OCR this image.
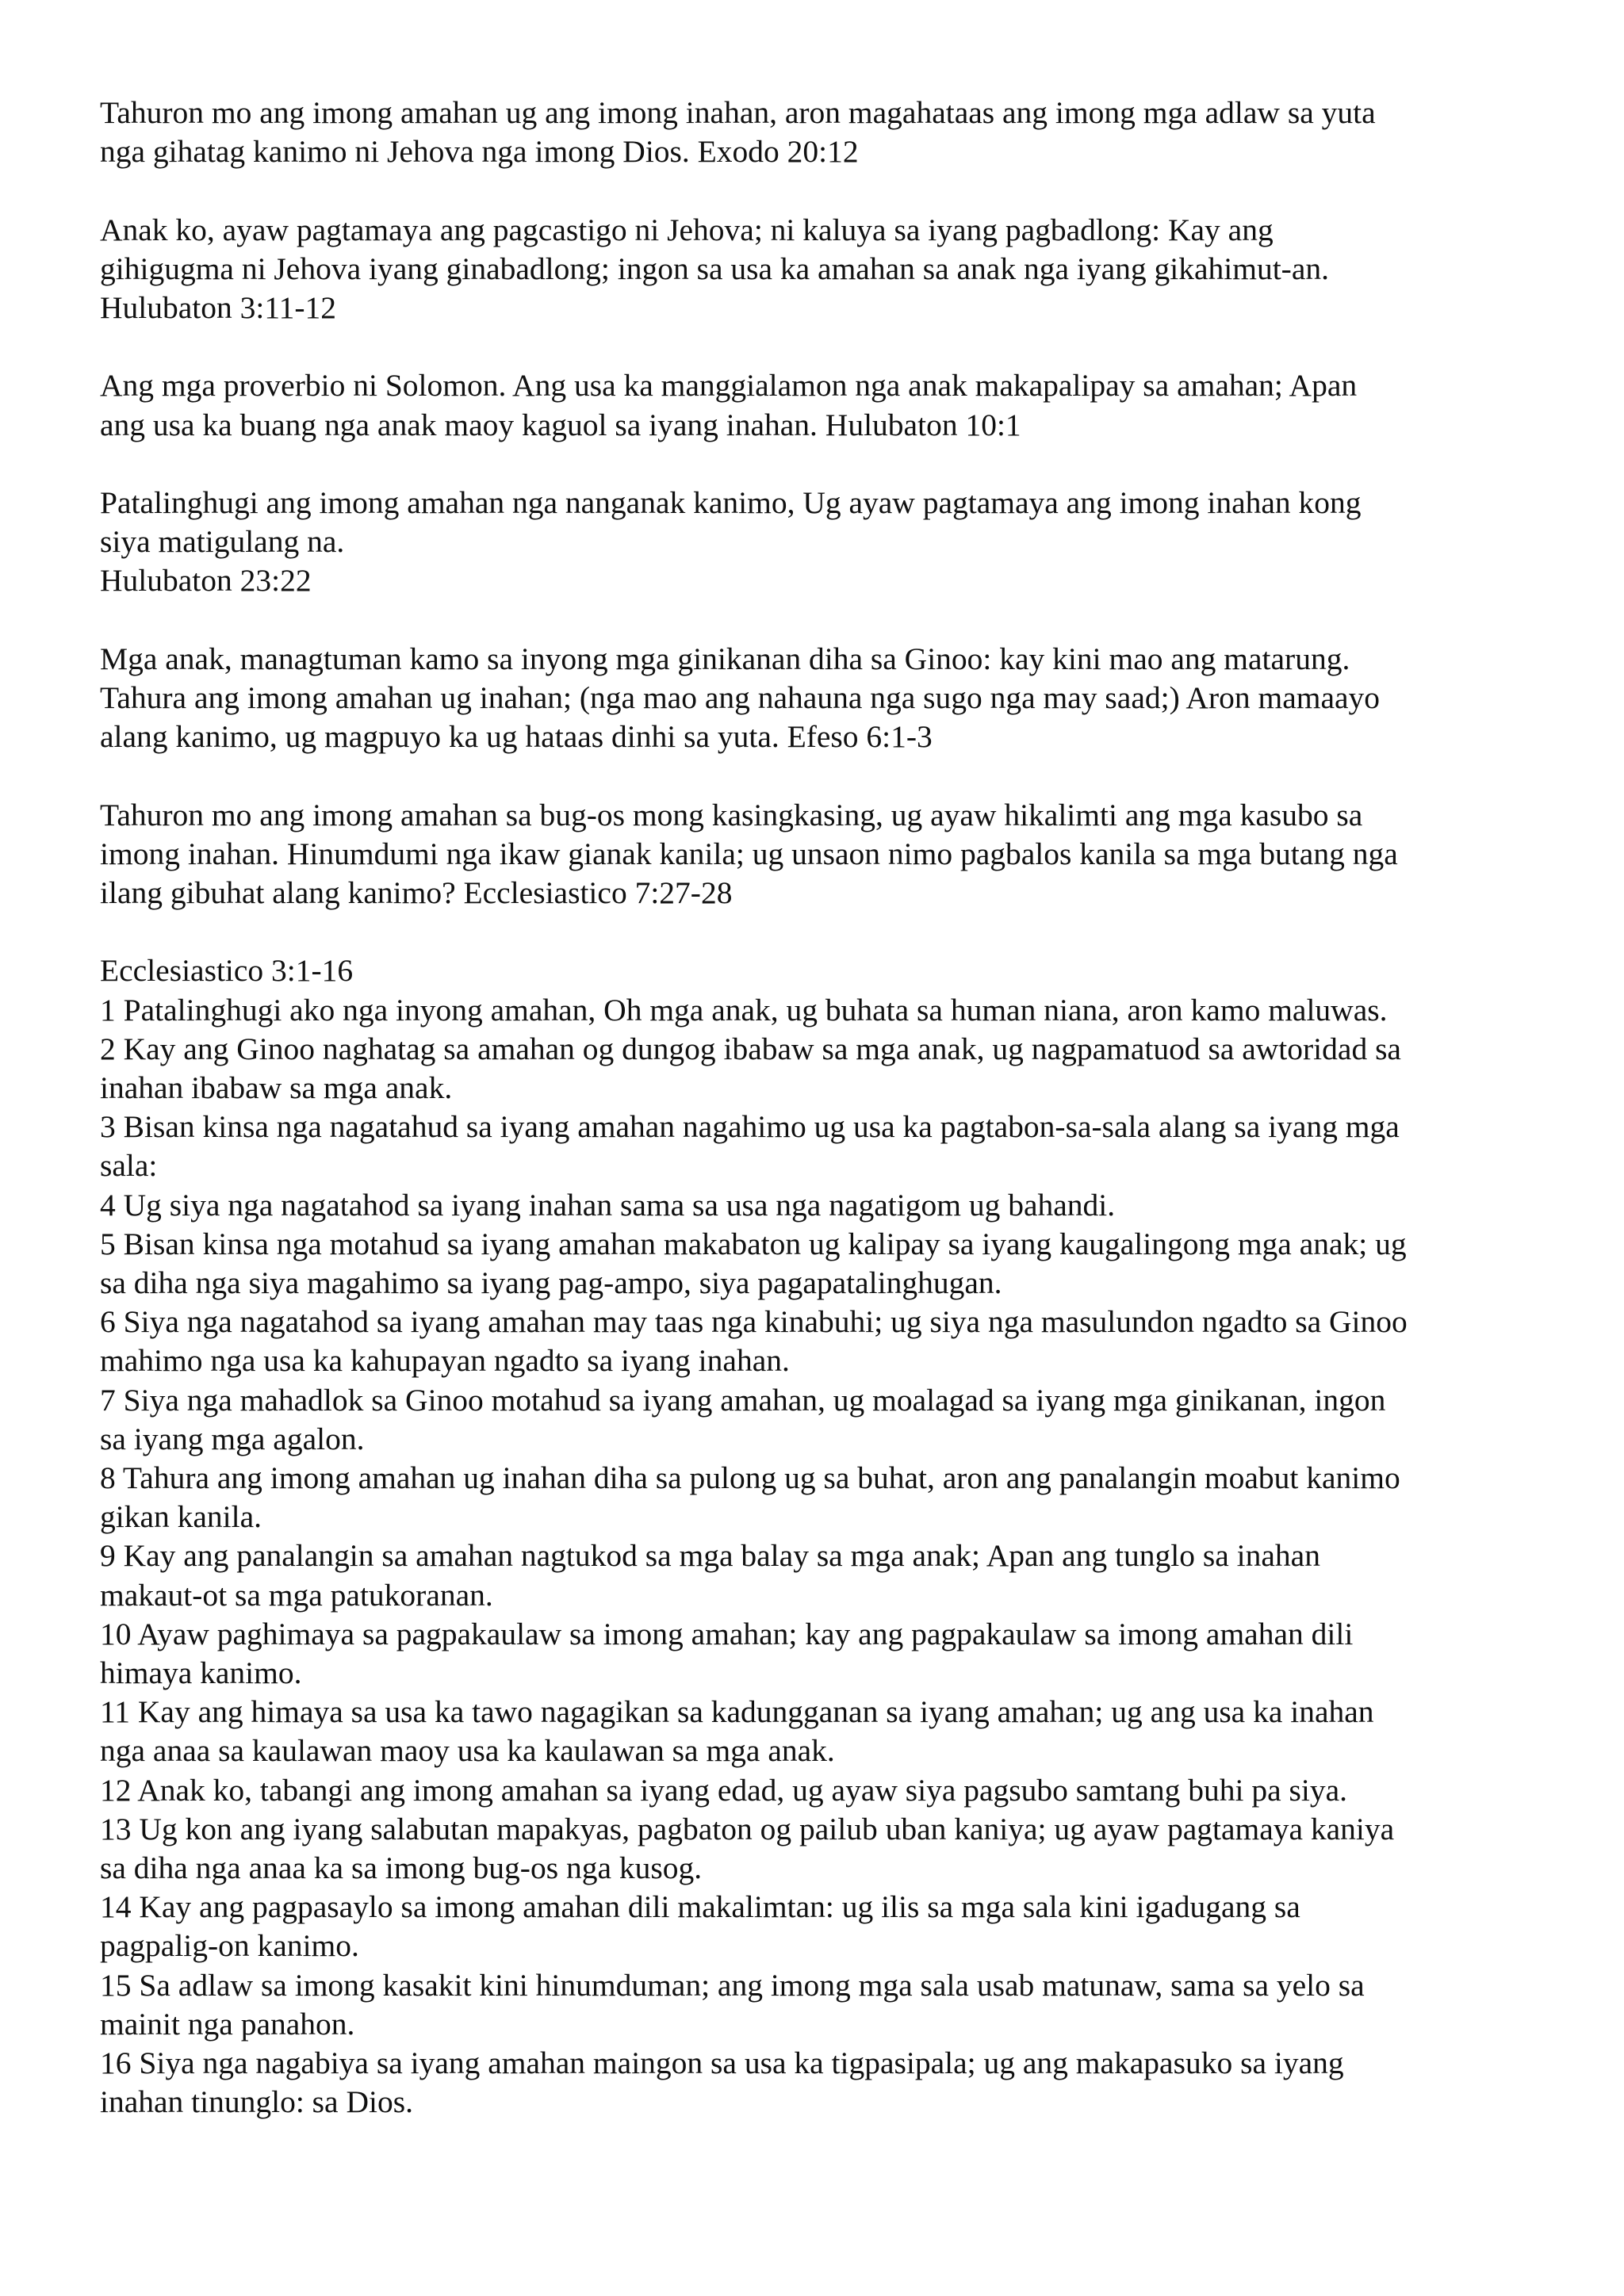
Tahuron mo ang imong amahan ug ang imong inahan, aron magahataas ang imong mga adlaw sa yuta
nga gihatag kanimo ni Jehova nga imong Dios. Exodo 20:12
Anak ko, ayaw pagtamaya ang pagcastigo ni Jehova; ni kaluya sa iyang pagbadlong: Kay ang
gihigugma ni Jehova iyang ginabadlong; ingon sa usa ka amahan sa anak nga iyang gikahimut-an.
Hulubaton 3:11-12
Ang mga proverbio ni Solomon. Ang usa ka manggialamon nga anak makapalipay sa amahan; Apan
ang usa ka buang nga anak maoy kaguol sa iyang inahan. Hulubaton 10:1
Patalinghugi ang imong amahan nga nanganak kanimo, Ug ayaw pagtamaya ang imong inahan kong
siya matigulang na.
Hulubaton 23:22
Mga anak, managtuman kamo sa inyong mga ginikanan diha sa Ginoo: kay kini mao ang matarung.
Tahura ang imong amahan ug inahan; (nga mao ang nahauna nga sugo nga may saad;) Aron mamaayo
alang kanimo, ug magpuyo ka ug hataas dinhi sa yuta. Efeso 6:1-3
Tahuron mo ang imong amahan sa bug-os mong kasingkasing, ug ayaw hikalimti ang mga kasubo sa
imong inahan. Hinumdumi nga ikaw gianak kanila; ug unsaon nimo pagbalos kanila sa mga butang nga
ilang gibuhat alang kanimo? Ecclesiastico 7:27-28
Ecclesiastico 3:1-16
1 Patalinghugi ako nga inyong amahan, Oh mga anak, ug buhata sa human niana, aron kamo maluwas.
2 Kay ang Ginoo naghatag sa amahan og dungog ibabaw sa mga anak, ug nagpamatuod sa awtoridad sa
inahan ibabaw sa mga anak.
3 Bisan kinsa nga nagatahud sa iyang amahan nagahimo ug usa ka pagtabon-sa-sala alang sa iyang mga
sala:
4 Ug siya nga nagatahod sa iyang inahan sama sa usa nga nagatigom ug bahandi.
5 Bisan kinsa nga motahud sa iyang amahan makabaton ug kalipay sa iyang kaugalingong mga anak; ug
sa diha nga siya magahimo sa iyang pag-ampo, siya pagapatalinghugan.
6 Siya nga nagatahod sa iyang amahan may taas nga kinabuhi; ug siya nga masulundon ngadto sa Ginoo
mahimo nga usa ka kahupayan ngadto sa iyang inahan.
7 Siya nga mahadlok sa Ginoo motahud sa iyang amahan, ug moalagad sa iyang mga ginikanan, ingon
sa iyang mga agalon.
8 Tahura ang imong amahan ug inahan diha sa pulong ug sa buhat, aron ang panalangin moabut kanimo
gikan kanila.
9 Kay ang panalangin sa amahan nagtukod sa mga balay sa mga anak; Apan ang tunglo sa inahan
makaut-ot sa mga patukoranan.
10 Ayaw paghimaya sa pagpakaulaw sa imong amahan; kay ang pagpakaulaw sa imong amahan dili
himaya kanimo.
11 Kay ang himaya sa usa ka tawo nagagikan sa kadungganan sa iyang amahan; ug ang usa ka inahan
nga anaa sa kaulawan maoy usa ka kaulawan sa mga anak.
12 Anak ko, tabangi ang imong amahan sa iyang edad, ug ayaw siya pagsubo samtang buhi pa siya.
13 Ug kon ang iyang salabutan mapakyas, pagbaton og pailub uban kaniya; ug ayaw pagtamaya kaniya
sa diha nga anaa ka sa imong bug-os nga kusog.
14 Kay ang pagpasaylo sa imong amahan dili makalimtan: ug ilis sa mga sala kini igadugang sa
pagpalig-on kanimo.
15 Sa adlaw sa imong kasakit kini hinumduman; ang imong mga sala usab matunaw, sama sa yelo sa
mainit nga panahon.
16 Siya nga nagabiya sa iyang amahan maingon sa usa ka tigpasipala; ug ang makapasuko sa iyang
inahan tinunglo: sa Dios.
